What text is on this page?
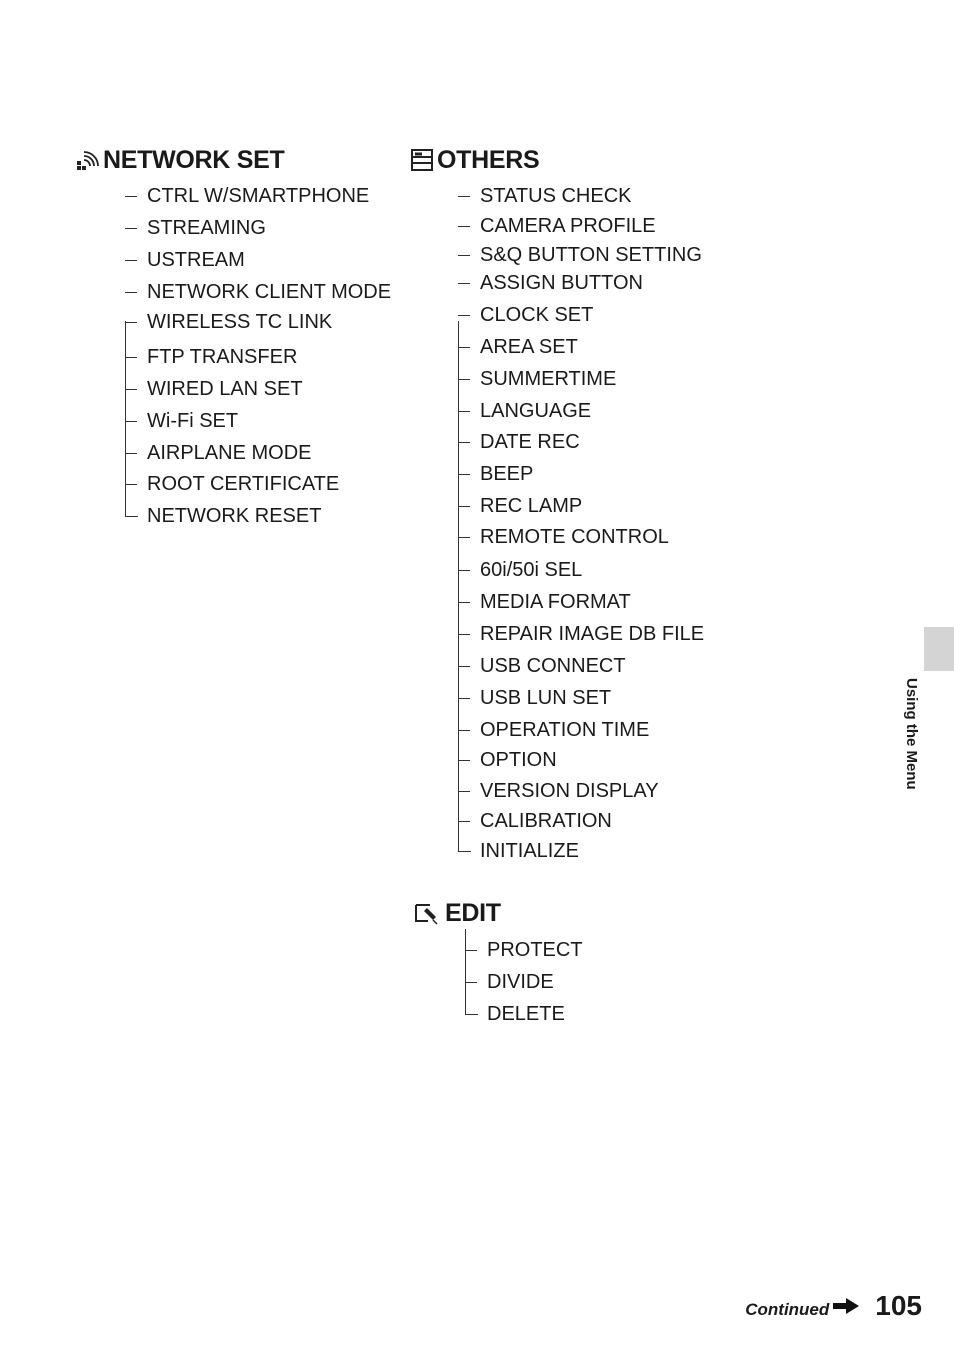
NETWORK SET
CTRL W/SMARTPHONE
STREAMING
USTREAM
NETWORK CLIENT MODE
WIRELESS TC LINK
FTP TRANSFER
WIRED LAN SET
Wi-Fi SET
AIRPLANE MODE
ROOT CERTIFICATE
NETWORK RESET
OTHERS
STATUS CHECK
CAMERA PROFILE
S&Q BUTTON SETTING
ASSIGN BUTTON
CLOCK SET
AREA SET
SUMMERTIME
LANGUAGE
DATE REC
BEEP
REC LAMP
REMOTE CONTROL
60i/50i SEL
MEDIA FORMAT
REPAIR IMAGE DB FILE
USB CONNECT
USB LUN SET
OPERATION TIME
OPTION
VERSION DISPLAY
CALIBRATION
INITIALIZE
EDIT
PROTECT
DIVIDE
DELETE
Using the Menu
Continued 105
